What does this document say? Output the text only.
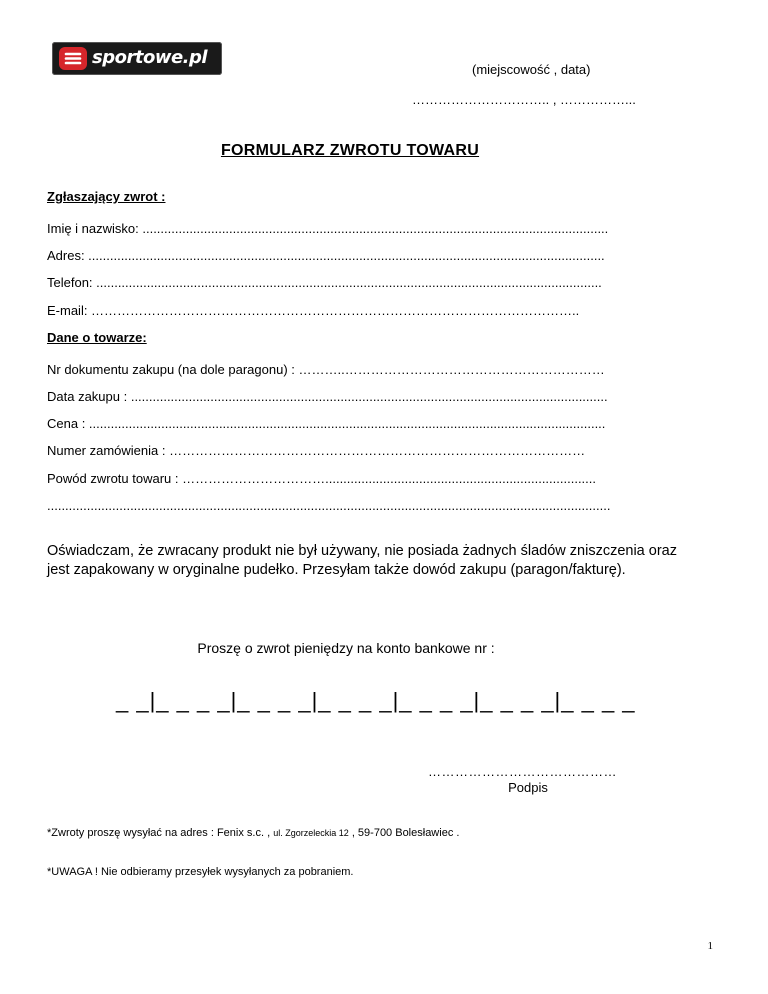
sportowe.pl
(miejscowość , data)
………………………….. , ……………...
FORMULARZ ZWROTU TOWARU
Zgłaszający zwrot :
Imię i nazwisko: .................................................................................................................................
Adres: ...............................................................................................................................................
Telefon: ............................................................................................................................................
E-mail: …………………………………………………………………………………………………..
Dane o towarze:
Nr dokumentu zakupu (na dole paragonu) : ………..……………………………………………………
Data zakupu : ....................................................................................................................................
Cena : ...............................................................................................................................................
Numer zamówienia : ……………………………………………………………………………………
Powód zwrotu towaru : ……………………………...........................................................................
............................................................................................................................................................
Oświadczam, że zwracany produkt nie był używany, nie posiada żadnych śladów zniszczenia oraz jest zapakowany w oryginalne pudełko. Przesyłam także dowód zakupu (paragon/fakturę).
Proszę o zwrot pieniędzy na konto bankowe nr :
_ _|_ _ _ _|_ _ _ _|_ _ _ _|_ _ _ _|_ _ _ _|_ _ _ _
……………………………………
Podpis
*Zwroty proszę wysyłać na adres : Fenix s.c. , ul. Zgorzeleckia 12 , 59-700 Bolesławiec .
*UWAGA ! Nie odbieramy przesyłek wysyłanych za pobraniem.
1
